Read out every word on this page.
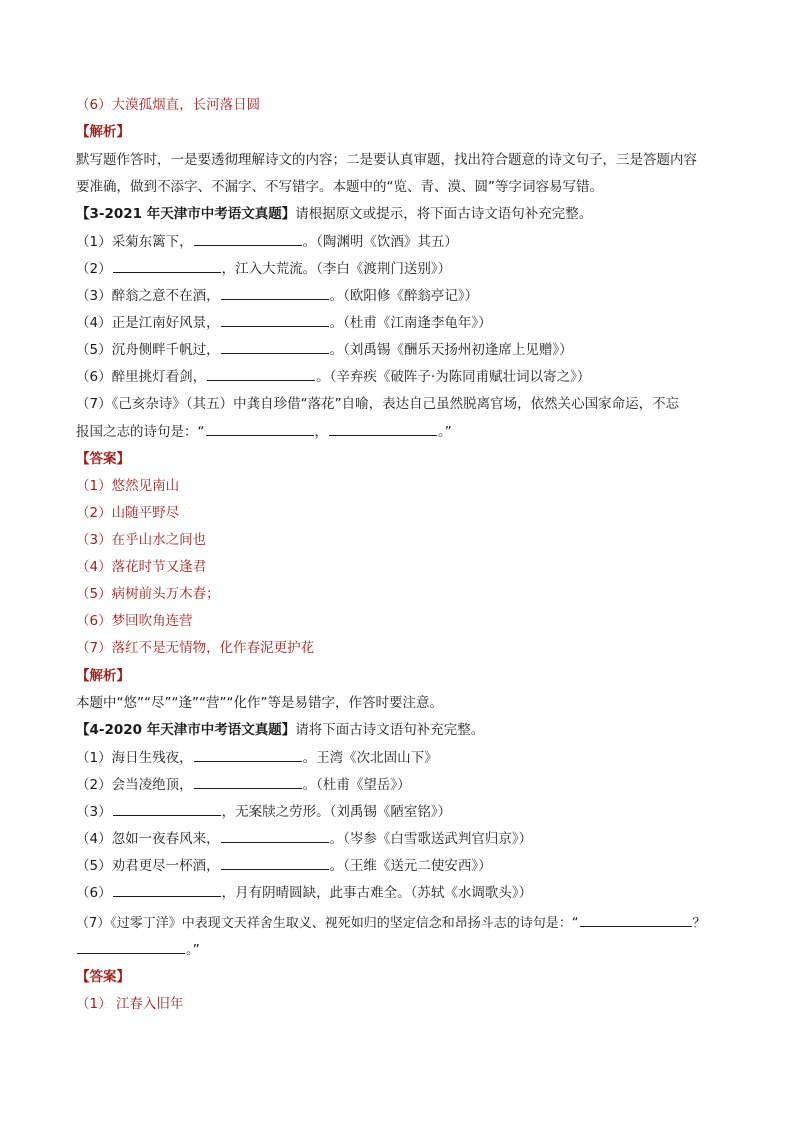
（6）大漠孤烟直，长河落日圆
【解析】
默写题作答时，一是要透彻理解诗文的内容；二是要认真审题，找出符合题意的诗文句子，三是答题内容
要准确，做到不添字、不漏字、不写错字。本题中的“览、青、漠、圆”等字词容易写错。
【3-2021 年天津市中考语文真题】请根据原文或提示，将下面古诗文语句补充完整。
（1）采菊东篱下，	。（陶渊明《饮酒》其五）
（2）	，江入大荒流。（李白《渡荆门送别》）
（3）醉翁之意不在酒，	。（欧阳修《醉翁亭记》）
（4）正是江南好风景，	。（杜甫《江南逢李龟年》）
（5）沉舟侧畔千帆过，	。（刘禹锡《酬乐天扬州初逢席上见赠》）
（6）醉里挑灯看剑，	。（辛弃疾《破阵子·为陈同甫赋壮词以寄之》）
（7）《己亥杂诗》（其五）中龚自珍借“落花”自喻，表达自己虽然脱离官场，依然关心国家命运，不忘
报国之志的诗句是：“	，	。”
【答案】
（1）悠然见南山
（2）山随平野尽
（3）在乎山水之间也
（4）落花时节又逢君
（5）病树前头万木春；
（6）梦回吹角连营
（7）落红不是无情物，化作春泥更护花
【解析】
本题中“悠”“尽”“逢”“营”“化作”等是易错字，作答时要注意。
【4-2020 年天津市中考语文真题】请将下面古诗文语句补充完整。
（1）海日生残夜，	。王湾《次北固山下》
（2）会当凌绝顶，	。（杜甫《望岳》）
（3）	，无案牍之劳形。（刘禹锡《陋室铭》）
（4）忽如一夜春风来，	。（岑参《白雪歌送武判官归京》）
（5）劝君更尽一杯酒，	。（王维《送元二使安西》）
（6）	，月有阴晴圆缺，此事古难全。（苏轼《水调歌头》）
（7）《过零丁洋》中表现文天祥舍生取义、视死如归的坚定信念和昂扬斗志的诗句是：“	？
。”
【答案】
（1） 江春入旧年
